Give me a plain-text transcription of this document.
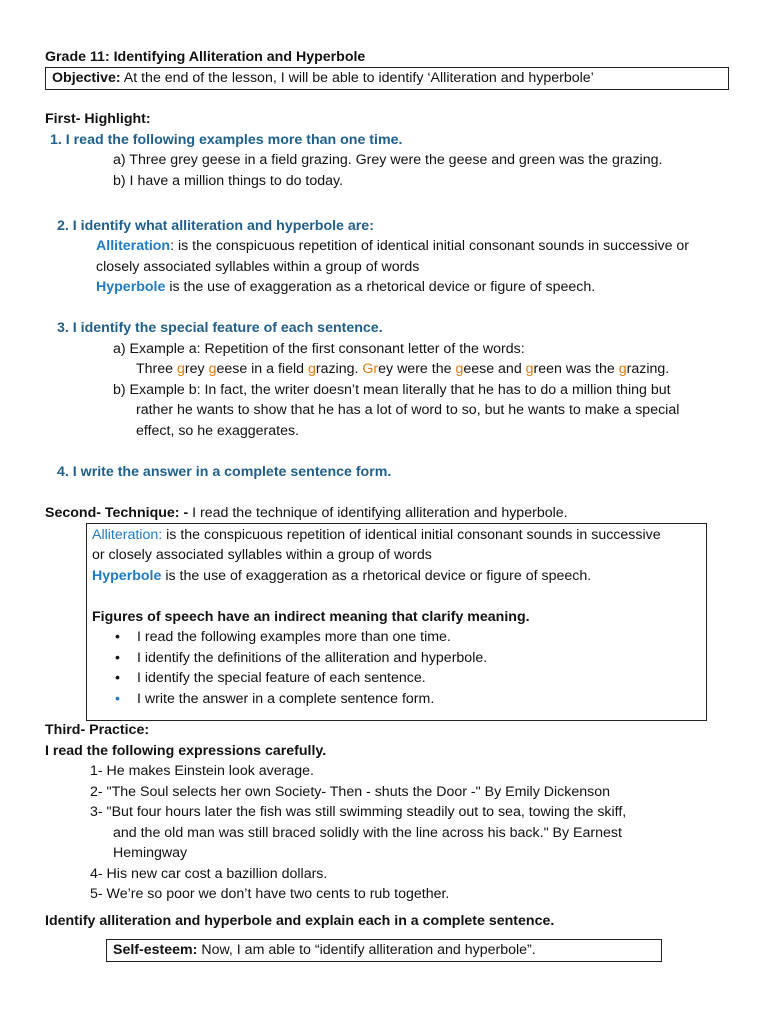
Grade 11: Identifying Alliteration and Hyperbole
Objective: At the end of the lesson, I will be able to identify ‘Alliteration and hyperbole’
First- Highlight:
1. I read the following examples more than one time.
a) Three grey geese in a field grazing. Grey were the geese and green was the grazing.
b) I have a million things to do today.
2. I identify what alliteration and hyperbole are:
Alliteration: is the conspicuous repetition of identical initial consonant sounds in successive or
closely associated syllables within a group of words
Hyperbole is the use of exaggeration as a rhetorical device or figure of speech.
3. I identify the special feature of each sentence.
a) Example a: Repetition of the first consonant letter of the words:
Three grey geese in a field grazing. Grey were the geese and green was the grazing.
b) Example b: In fact, the writer doesn’t mean literally that he has to do a million thing but
rather he wants to show that he has a lot of word to so, but he wants to make a special
effect, so he exaggerates.
4. I write the answer in a complete sentence form.
Second- Technique: - I read the technique of identifying alliteration and hyperbole.
Alliteration: is the conspicuous repetition of identical initial consonant sounds in successive
or closely associated syllables within a group of words
Hyperbole is the use of exaggeration as a rhetorical device or figure of speech.
Figures of speech have an indirect meaning that clarify meaning.
• I read the following examples more than one time.
• I identify the definitions of the alliteration and hyperbole.
• I identify the special feature of each sentence.
• I write the answer in a complete sentence form.
Third- Practice:
I read the following expressions carefully.
1- He makes Einstein look average.
2- "The Soul selects her own Society- Then - shuts the Door -" By Emily Dickenson
3- "But four hours later the fish was still swimming steadily out to sea, towing the skiff,
and the old man was still braced solidly with the line across his back." By Earnest
Hemingway
4- His new car cost a bazillion dollars.
5- We’re so poor we don’t have two cents to rub together.
Identify alliteration and hyperbole and explain each in a complete sentence.
Self-esteem: Now, I am able to “identify alliteration and hyperbole”.
